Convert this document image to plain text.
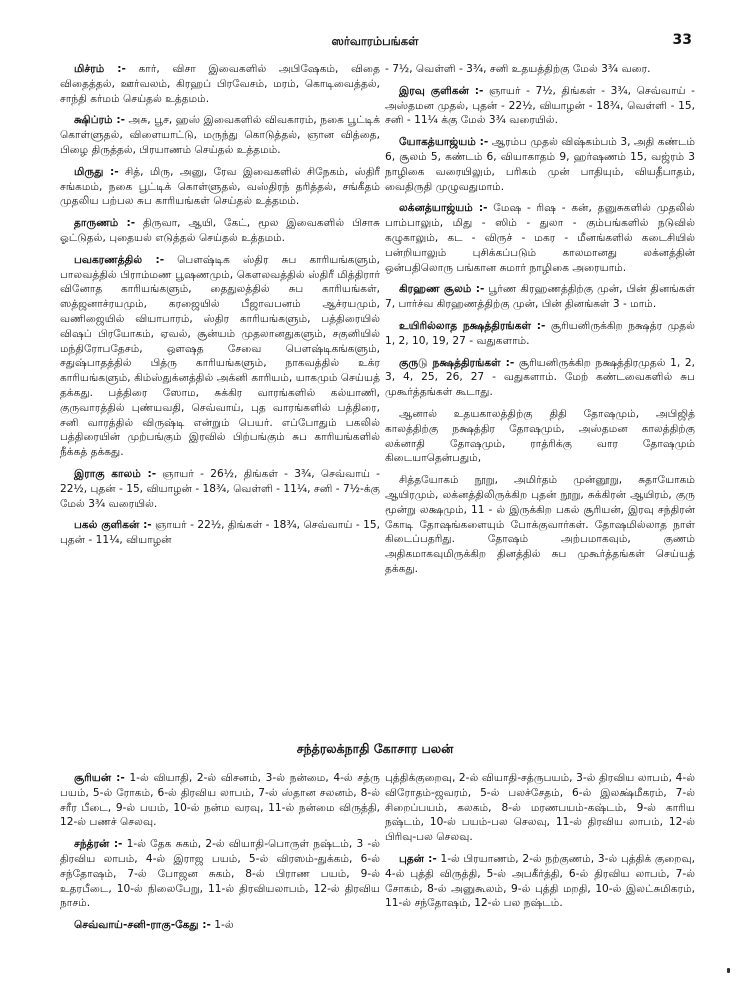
ஸர்வாரம்பங்கள்	33

மிச்ரம் :- கார், விசா இவைகளில் அபிஷேகம், விதை விதைத்தல், ஊர்வலம், கிரஹப் பிரவேசம், மரம், கொடிவைத்தல், சாந்தி கர்மம் செய்தல் உத்தமம்.

க்ஷிப்ரம் :- அசு, பூச, ஹஸ் இவைகளில் விவகாரம், நகை பூட்டிக் கொள்ளுதல், விளையாட்டு, மருந்து கொடுத்தல், ஞான வித்தை, பிழை திருத்தல், பிரயாணம் செய்தல் உத்தமம்.

மிருது :- சித், மிரு, அனு, ரேவ இவைகளில் சிநேகம், ஸ்திரீ சங்கமம், நகை பூட்டிக் கொள்ளுதல், வஸ்திரந் தரித்தல், சங்கீதம் முதலிய பற்பல சுப காரியங்கள் செய்தல் உத்தமம்.

தாருணம் :- திருவா, ஆயி, கேட், மூல இவைகளில் பிசாசு ஓட்டுதல், புதையல் எடுத்தல் செய்தல் உத்தமம்.

பவகரணத்தில் :- பௌஷ்டிக ஸ்திர சுப காரியங்களும், பாலவத்தில் பிராம்மண பூஷணமும், கௌலவத்தில் ஸ்திரீ மித்திரார் வினோத காரியங்களும், தைதுலத்தில் சுப காரியங்கள், ஸத்ஜனாச்ரயமும், கரஜையில் பீஜாவபனம் ஆச்ரயமும், வணிஜையில் வியாபாரம், ஸ்திர காரியங்களும், பத்திரையில் விஷப் பிரயோகம், ஏவல், சூன்யம் முதலானதுகளும், சகுனியில் மந்திரோபதேசம், ஔஷத சேவை பௌஷ்டிகங்களும், சதுஷ்பாதத்தில் பித்ரு காரியங்களும், நாகவத்தில் உக்ர காரியங்களும், கிம்ஸ்துக்னத்தில் அக்னி காரியம், யாகமும் செய்யத் தக்கது. பத்திரை ஸோம, சுக்கிர வாரங்களில் கல்யாணி, குருவாரத்தில் புண்யவதி, செவ்வாய், புத வாரங்களில் பத்திரை, சனி வாரத்தில் விருஷ்டி என்றும் பெயர். எப்போதும் பகலில் பத்திரையின் முற்பங்கும் இரவில் பிற்பங்கும் சுப காரியங்களில் நீக்கத் தக்கது.

இராகு காலம் :- ஞாயர் - 26½, திங்கள் - 3¾, செவ்வாய் - 22½, புதன் - 15, வியாழன் - 18¾, வெள்ளி - 11¼, சனி - 7½-க்கு மேல் 3¾ வரையில்.

பகல் குளிகன் :- ஞாயர் - 22½, திங்கள் - 18¾, செவ்வாய் - 15, புதன் - 11¼, வியாழன்

- 7½, வெள்ளி - 3¾, சனி உதயத்திற்கு மேல் 3¾ வரை.

இரவு குளிகன் :- ஞாயர் - 7½, திங்கள் - 3¾, செவ்வாய் - அஸ்தமன முதல், புதன் - 22½, வியாழன் - 18¾, வெள்ளி - 15, சனி - 11¼ க்கு மேல் 3¾ வரையில்.

யோகத்யாஜ்யம் :- ஆரம்ப முதல் விஷ்கம்பம் 3, அதி கண்டம் 6, சூலம் 5, கண்டம் 6, வியாகாதம் 9, ஹர்ஷணம் 15, வஜ்ரம் 3 நாழிகை வரையிலும், பரிகம் முன் பாதியும், வியதீபாதம், வைதிருதி முழுவதுமாம்.

லக்னத்யாஜ்யம் :- மேஷ - ரிஷ - கன், தனுசுகளில் முதலில் பாம்பாலும், மிது - ஸிம் - துலா - கும்பங்களில் நடுவில் கழுகாலும், கட - விருச் - மகர - மீனங்களில் கடைசியில் பன்றியாலும் புசிக்கப்படும் காலமானது லக்னத்தின் ஒன்பதிலொரு பங்கான சுமார் நாழிகை அரையாம்.

கிரஹண சூலம் :- பூர்ண கிரஹணத்திற்கு முன், பின் தினங்கள் 7, பார்ச்வ கிரஹணத்திற்கு முன், பின் தினங்கள் 3 - மாம்.

உயிரில்லாத நக்ஷத்திரங்கள் :- சூரியனிருக்கிற நக்ஷத்ர முதல் 1, 2, 10, 19, 27 - வதுகளாம்.

குருடு நக்ஷத்திரங்கள் :- சூரியனிருக்கிற நக்ஷத்திரமுதல் 1, 2, 3, 4, 25, 26, 27 - வதுகளாம். மேற் கண்டவைகளில் சுப முகூர்த்தங்கள் கூடாது.

ஆனால் உதயகாலத்திற்கு திதி தோஷமும், அபிஜித் காலத்திற்கு நக்ஷத்திர தோஷமும், அஸ்தமன காலத்திற்கு லக்னாதி தோஷமும், ராத்ரிக்கு வார தோஷமும் கிடையாதென்பதும்,

சித்தயோகம் நூறு, அமிர்தம் முன்னூறு, சுதாயோகம் ஆயிரமும், லக்னத்திலிருக்கிற புதன் நூறு, சுக்கிரன் ஆயிரம், குரு மூன்று லக்ஷமும், 11 - ல் இருக்கிற பகல் சூரியன், இரவு சந்திரன் கோடி தோஷங்களையும் போக்குவார்கள். தோஷமில்லாத நாள் கிடைப்பதரிது. தோஷம் அற்பமாகவும், குணம் அதிகமாகவுமிருக்கிற தினத்தில் சுப முகூர்த்தங்கள் செய்யத் தக்கது.

சந்த்ரலக்நாதி கோசார பலன்

சூரியன் :- 1-ல் வியாதி, 2-ல் விசனம், 3-ல் நன்மை, 4-ல் சத்ரு பயம், 5-ல் ரோகம், 6-ல் திரவிய லாபம், 7-ல் ஸ்தான சலனம், 8-ல் சரீர பீடை, 9-ல் பயம், 10-ல் நன்ம வரவு, 11-ல் நன்மை விருத்தி, 12-ல் பணச் செலவு.

சந்த்ரன் :- 1-ல் தேக சுகம், 2-ல் வியாதி-பொருள் நஷ்டம், 3 -ல் திரவிய லாபம், 4-ல் இராஜ பயம், 5-ல் விரஸம்-துக்கம், 6-ல் சந்தோஷம், 7-ல் போஜன சுகம், 8-ல் பிராண பயம், 9-ல் உதரபீடை, 10-ல் நிலைபேறு, 11-ல் திரவியலாபம், 12-ல் திரவிய நாசம்.

செவ்வாய்-சனி-ராகு-கேது :- 1-ல்

புத்திக்குறைவு, 2-ல் வியாதி-சத்ருபயம், 3-ல் திரவிய லாபம், 4-ல் விரோதம்-ஜவரம், 5-ல் பலச்சேதம், 6-ல் இலக்ஷ்மீகரம், 7-ல் சிறைப்பயம், கலகம், 8-ல் மரணபயம்-கஷ்டம், 9-ல் காரிய நஷ்டம், 10-ல் பயம்-பல செலவு, 11-ல் திரவிய லாபம், 12-ல் பிரிவு-பல செலவு.

புதன் :- 1-ல் பிரயாணம், 2-ல் நற்குணம், 3-ல் புத்திக் குறைவு, 4-ல் புத்தி விருத்தி, 5-ல் அபகீர்த்தி, 6-ல் திரவிய லாபம், 7-ல் சோகம், 8-ல் அனுகூலம், 9-ல் புத்தி மறதி, 10-ல் இலட்சுமிகரம், 11-ல் சந்தோஷம், 12-ல் பல நஷ்டம்.
